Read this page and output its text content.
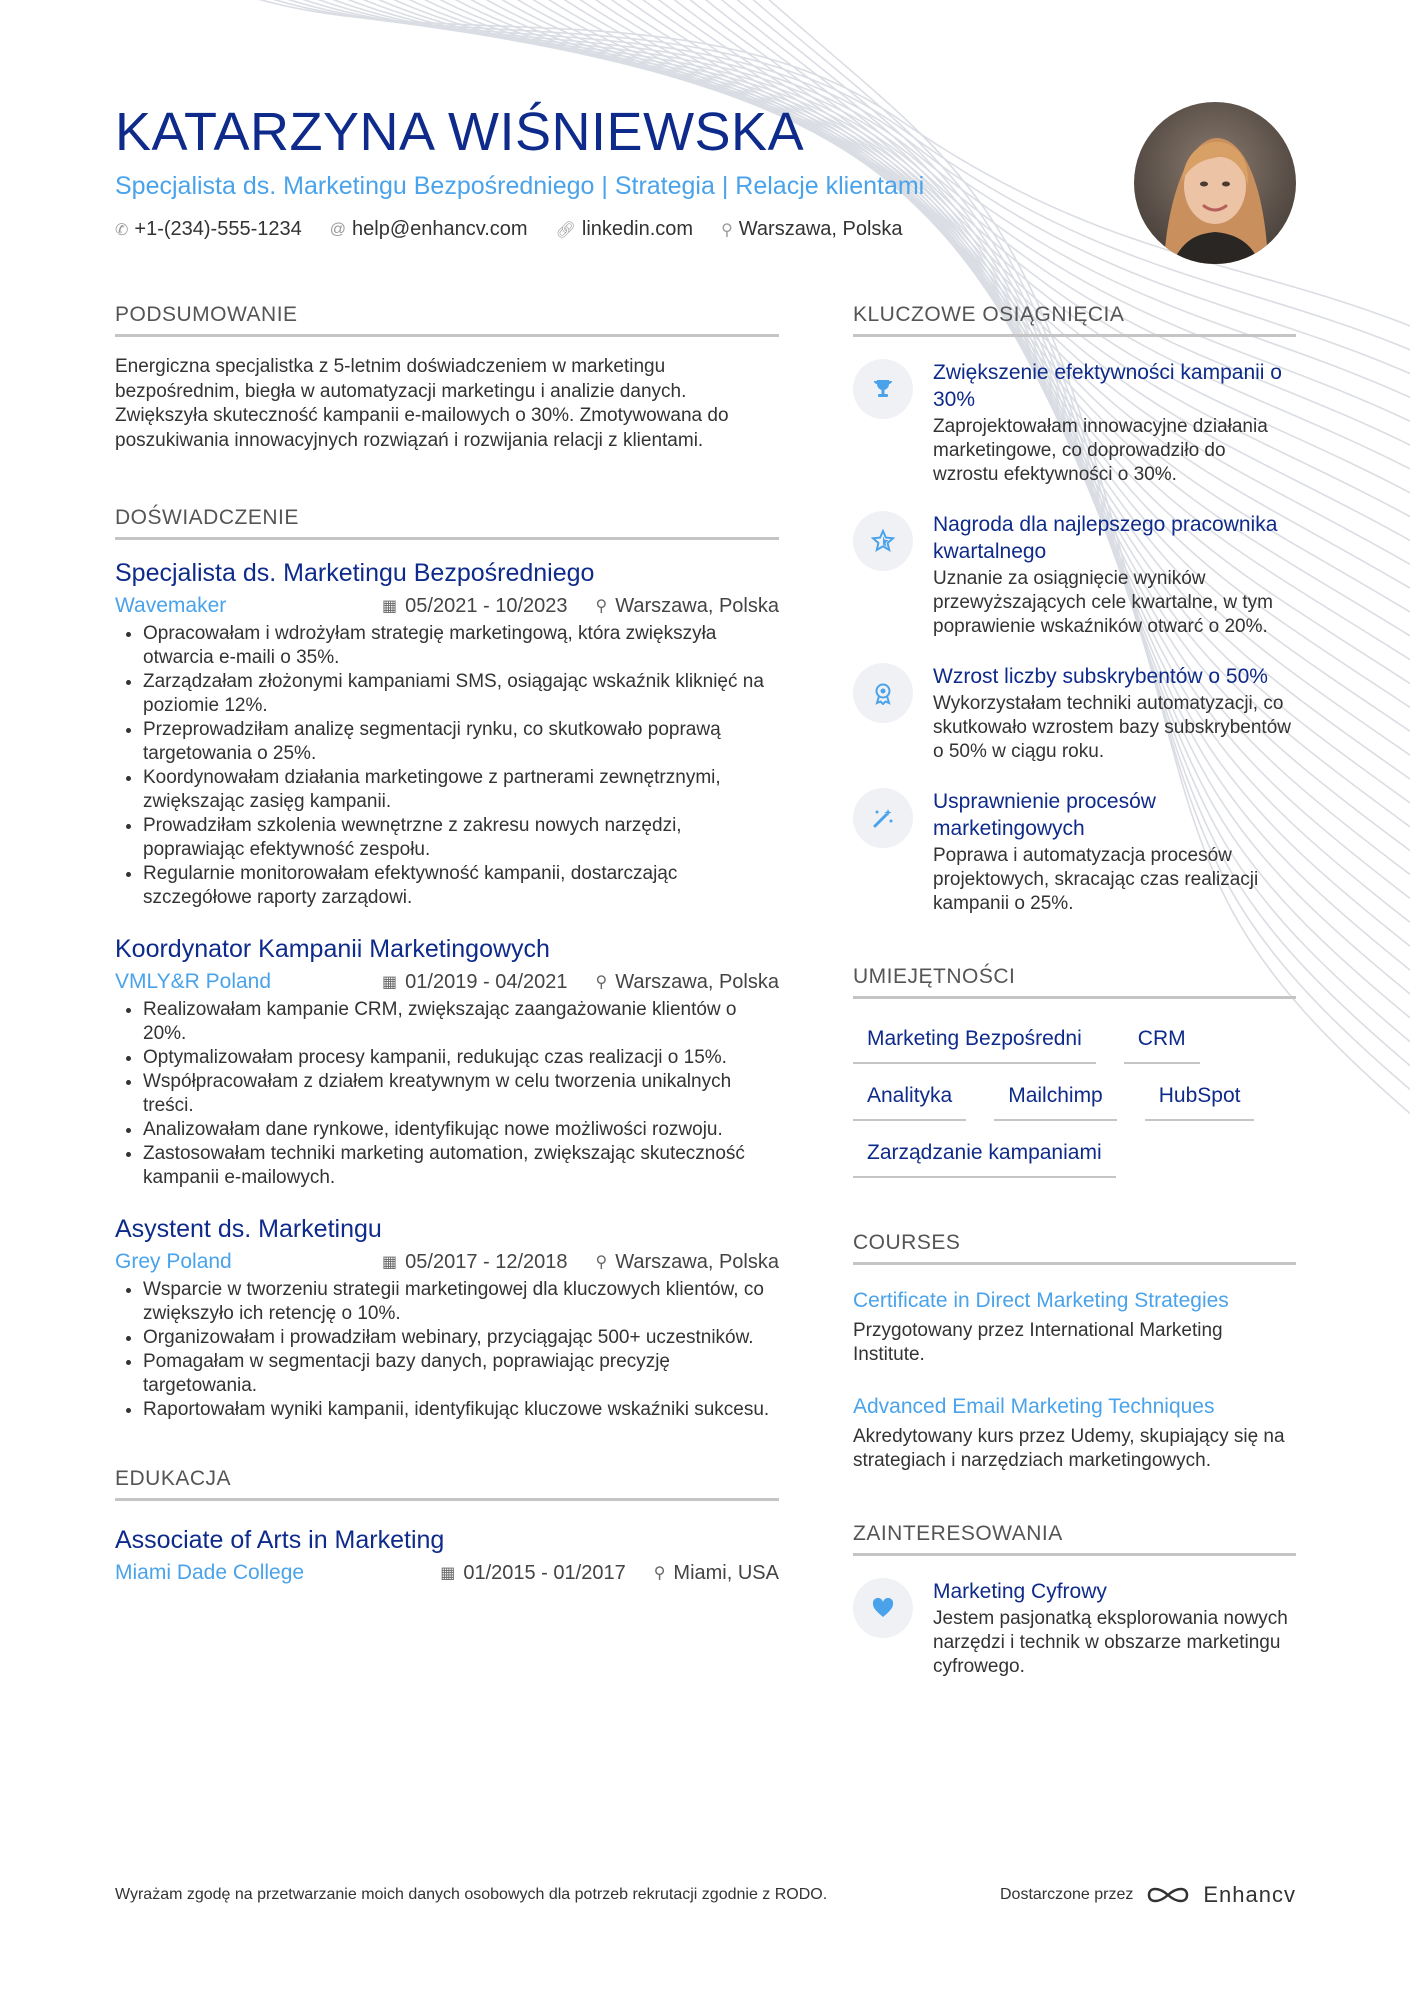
KATARZYNA WIŚNIEWSKA
Specjalista ds. Marketingu Bezpośredniego | Strategia | Relacje klientami
✆ +1-(234)-555-1234 @ help@enhancv.com 🔗︎ linkedin.com ⚲ Warszawa, Polska
PODSUMOWANIE
Energiczna specjalistka z 5-letnim doświadczeniem w marketingu bezpośrednim, biegła w automatyzacji marketingu i analizie danych. Zwiększyła skuteczność kampanii e-mailowych o 30%. Zmotywowana do poszukiwania innowacyjnych rozwiązań i rozwijania relacji z klientami.
DOŚWIADCZENIE
Specjalista ds. Marketingu Bezpośredniego
Wavemaker	▦ 05/2021 - 10/2023 ⚲ Warszawa, Polska
• Opracowałam i wdrożyłam strategię marketingową, która zwiększyła otwarcia e-maili o 35%.
• Zarządzałam złożonymi kampaniami SMS, osiągając wskaźnik kliknięć na poziomie 12%.
• Przeprowadziłam analizę segmentacji rynku, co skutkowało poprawą targetowania o 25%.
• Koordynowałam działania marketingowe z partnerami zewnętrznymi, zwiększając zasięg kampanii.
• Prowadziłam szkolenia wewnętrzne z zakresu nowych narzędzi, poprawiając efektywność zespołu.
• Regularnie monitorowałam efektywność kampanii, dostarczając szczegółowe raporty zarządowi.
Koordynator Kampanii Marketingowych
VMLY&R Poland	▦ 01/2019 - 04/2021 ⚲ Warszawa, Polska
• Realizowałam kampanie CRM, zwiększając zaangażowanie klientów o 20%.
• Optymalizowałam procesy kampanii, redukując czas realizacji o 15%.
• Współpracowałam z działem kreatywnym w celu tworzenia unikalnych treści.
• Analizowałam dane rynkowe, identyfikując nowe możliwości rozwoju.
• Zastosowałam techniki marketing automation, zwiększając skuteczność kampanii e-mailowych.
Asystent ds. Marketingu
Grey Poland	▦ 05/2017 - 12/2018 ⚲ Warszawa, Polska
• Wsparcie w tworzeniu strategii marketingowej dla kluczowych klientów, co zwiększyło ich retencję o 10%.
• Organizowałam i prowadziłam webinary, przyciągając 500+ uczestników.
• Pomagałam w segmentacji bazy danych, poprawiając precyzję targetowania.
• Raportowałam wyniki kampanii, identyfikując kluczowe wskaźniki sukcesu.
EDUKACJA
Associate of Arts in Marketing
Miami Dade College	▦ 01/2015 - 01/2017 ⚲ Miami, USA
KLUCZOWE OSIĄGNIĘCIA
Zwiększenie efektywności kampanii o 30%
Zaprojektowałam innowacyjne działania marketingowe, co doprowadziło do wzrostu efektywności o 30%.
Nagroda dla najlepszego pracownika kwartalnego
Uznanie za osiągnięcie wyników przewyższających cele kwartalne, w tym poprawienie wskaźników otwarć o 20%.
Wzrost liczby subskrybentów o 50%
Wykorzystałam techniki automatyzacji, co skutkowało wzrostem bazy subskrybentów o 50% w ciągu roku.
Usprawnienie procesów marketingowych
Poprawa i automatyzacja procesów projektowych, skracając czas realizacji kampanii o 25%.
UMIEJĘTNOŚCI
Marketing Bezpośredni	CRM
Analityka	Mailchimp	HubSpot
Zarządzanie kampaniami
COURSES
Certificate in Direct Marketing Strategies
Przygotowany przez International Marketing Institute.
Advanced Email Marketing Techniques
Akredytowany kurs przez Udemy, skupiający się na strategiach i narzędziach marketingowych.
ZAINTERESOWANIA
Marketing Cyfrowy
Jestem pasjonatką eksplorowania nowych narzędzi i technik w obszarze marketingu cyfrowego.
Wyrażam zgodę na przetwarzanie moich danych osobowych dla potrzeb rekrutacji zgodnie z RODO.	Dostarczone przez	Enhancv
